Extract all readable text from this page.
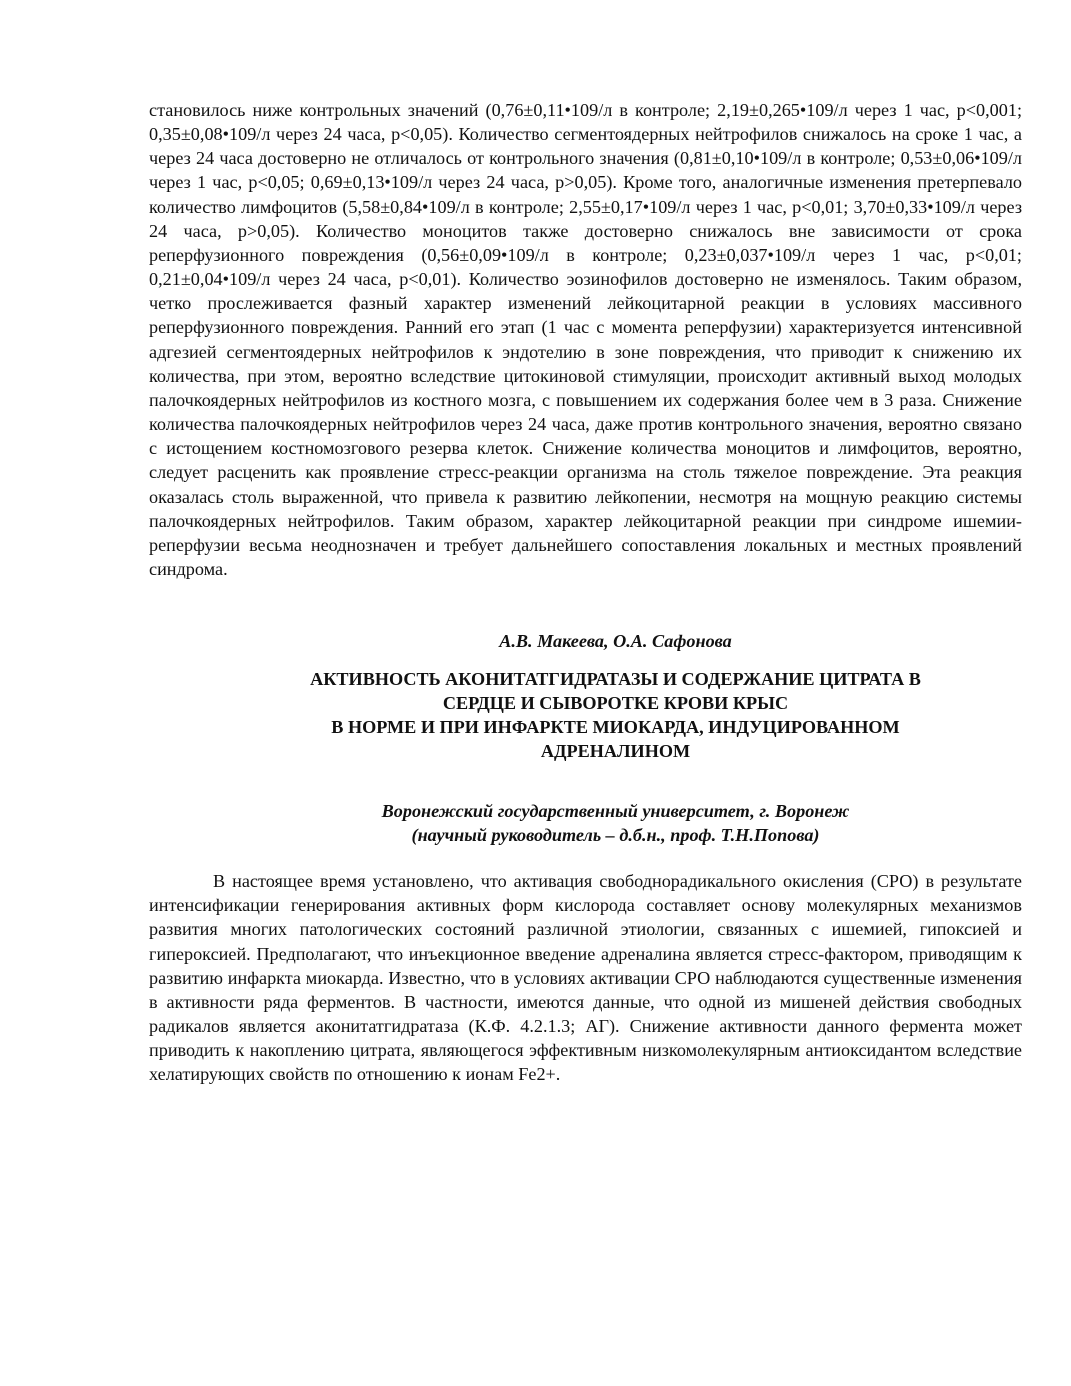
становилось ниже контрольных значений (0,76±0,11•109/л в контроле; 2,19±0,265•109/л через 1 час, p<0,001; 0,35±0,08•109/л через 24 часа, p<0,05). Количество сегментоядерных нейтрофилов снижалось на сроке 1 час, а через 24 часа достоверно не отличалось от контрольного значения (0,81±0,10•109/л в контроле; 0,53±0,06•109/л через 1 час, p<0,05; 0,69±0,13•109/л через 24 часа, p>0,05). Кроме того, аналогичные изменения претерпевало количество лимфоцитов (5,58±0,84•109/л в контроле; 2,55±0,17•109/л через 1 час, p<0,01; 3,70±0,33•109/л через 24 часа, p>0,05). Количество моноцитов также достоверно снижалось вне зависимости от срока реперфузионного повреждения (0,56±0,09•109/л в контроле; 0,23±0,037•109/л через 1 час, p<0,01; 0,21±0,04•109/л через 24 часа, p<0,01). Количество эозинофилов достоверно не изменялось. Таким образом, четко прослеживается фазный характер изменений лейкоцитарной реакции в условиях массивного реперфузионного повреждения. Ранний его этап (1 час с момента реперфузии) характеризуется интенсивной адгезией сегментоядерных нейтрофилов к эндотелию в зоне повреждения, что приводит к снижению их количества, при этом, вероятно вследствие цитокиновой стимуляции, происходит активный выход молодых палочкоядерных нейтрофилов из костного мозга, с повышением их содержания более чем в 3 раза. Снижение количества палочкоядерных нейтрофилов через 24 часа, даже против контрольного значения, вероятно связано с истощением костномозгового резерва клеток. Снижение количества моноцитов и лимфоцитов, вероятно, следует расценить как проявление стресс-реакции организма на столь тяжелое повреждение. Эта реакция оказалась столь выраженной, что привела к развитию лейкопении, несмотря на мощную реакцию системы палочкоядерных нейтрофилов. Таким образом, характер лейкоцитарной реакции при синдроме ишемии-реперфузии весьма неоднозначен и требует дальнейшего сопоставления локальных и местных проявлений синдрома.

А.В. Макеева, О.А. Сафонова

АКТИВНОСТЬ АКОНИТАТГИДРАТАЗЫ И СОДЕРЖАНИЕ ЦИТРАТА В
СЕРДЦЕ И СЫВОРОТКЕ КРОВИ КРЫС
В НОРМЕ И ПРИ ИНФАРКТЕ МИОКАРДА, ИНДУЦИРОВАННОМ
АДРЕНАЛИНОМ
Воронежский государственный университет, г. Воронеж
(научный руководитель – д.б.н., проф. Т.Н.Попова)

В настоящее время установлено, что активация свободнорадикального окисления (СРО) в результате интенсификации генерирования активных форм кислорода составляет основу молекулярных механизмов развития многих патологических состояний различной этиологии, связанных с ишемией, гипоксией и гипероксией. Предполагают, что инъекционное введение адреналина является стресс-фактором, приводящим к развитию инфаркта миокарда. Известно, что в условиях активации СРО наблюдаются существенные изменения в активности ряда ферментов. В частности, имеются данные, что одной из мишеней действия свободных радикалов является аконитатгидратаза (К.Ф. 4.2.1.3; АГ). Снижение активности данного фермента может приводить к накоплению цитрата, являющегося эффективным низкомолекулярным антиоксидантом вследствие хелатирующих свойств по отношению к ионам Fe2+.
